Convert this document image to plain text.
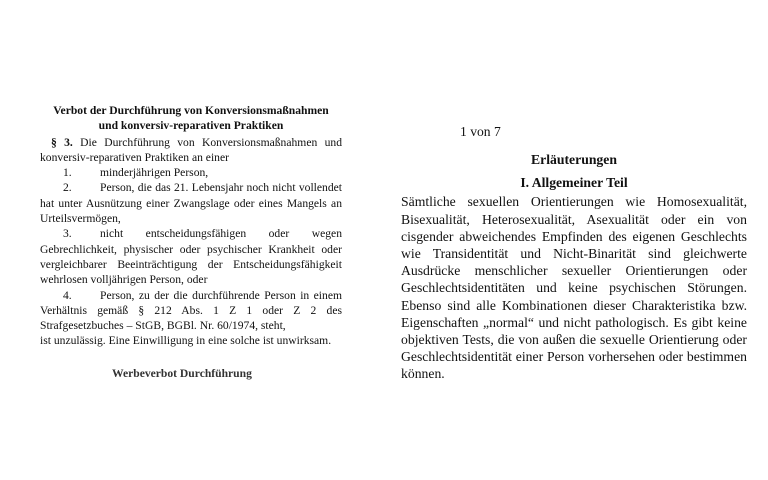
Verbot der Durchführung von Konversionsmaßnahmen
und konversiv-reparativen Praktiken

§ 3. Die Durchführung von Konversionsmaßnahmen und konversiv-reparativen Praktiken an einer

1. minderjährigen Person,

2. Person, die das 21. Lebensjahr noch nicht vollendet hat unter Ausnützung einer Zwangslage oder eines Mangels an Urteilsvermögen,

3. nicht entscheidungsfähigen oder wegen Gebrechlichkeit, physischer oder psychischer Krankheit oder vergleichbarer Beeinträchtigung der Entscheidungsfähigkeit wehrlosen volljährigen Person, oder

4. Person, zu der die durchführende Person in einem Verhältnis gemäß § 212 Abs. 1 Z 1 oder Z 2 des Strafgesetzbuches – StGB, BGBl. Nr. 60/1974, steht,

ist unzulässig. Eine Einwilligung in eine solche ist unwirksam.

Werbeverbot Durchführung
1 von 7

Erläuterungen

I. Allgemeiner Teil

Sämtliche sexuellen Orientierungen wie Homosexualität, Bisexualität, Heterosexualität, Asexualität oder ein von cisgender abweichendes Empfinden des eigenen Geschlechts wie Transidentität und Nicht-Binarität sind gleichwerte Ausdrücke menschlicher sexueller Orientierungen oder Geschlechtsidentitäten und keine psychischen Störungen. Ebenso sind alle Kombinationen dieser Charakteristika bzw. Eigenschaften „normal“ und nicht pathologisch. Es gibt keine objektiven Tests, die von außen die sexuelle Orientierung oder Geschlechtsidentität einer Person vorhersehen oder bestimmen können.
